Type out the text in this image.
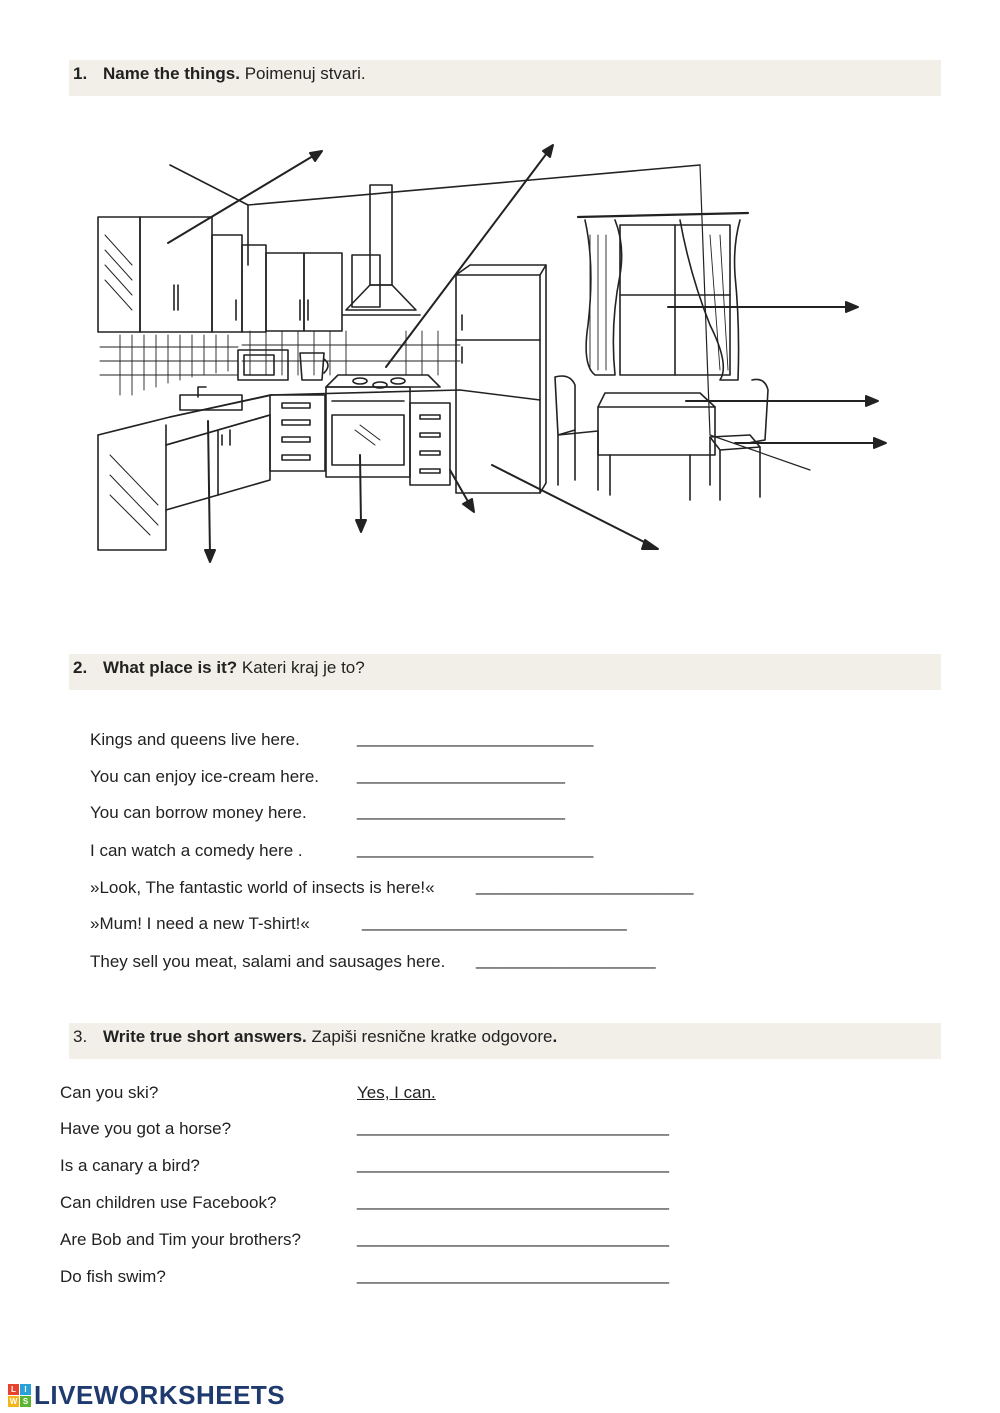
1. Name the things. Poimenuj stvari.
2. What place is it? Kateri kraj je to?
Kings and queens live here.	_________________________
You can enjoy ice-cream here. ______________________
You can borrow money here.	______________________
I can watch a comedy here .	_________________________
»Look, The fantastic world of insects is here!« _______________________
»Mum! I need a new T-shirt!«	____________________________
They sell you meat, salami and sausages here. ___________________
3. Write true short answers. Zapiši resnične kratke odgovore.
Can you ski?	Yes, I can.
Have you got a horse?	_________________________________
Is a canary a bird?	_________________________________
Can children use Facebook?	_________________________________
Are Bob and Tim your brothers?	_________________________________
Do fish swim?	_________________________________
L	I
W S LIVEWORKSHEETS
